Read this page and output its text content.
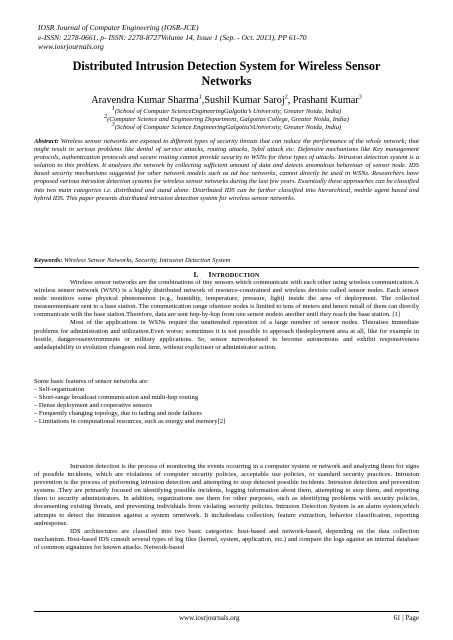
IOSR Journal of Computer Engineering (IOSR-JCE)
e-ISSN: 2278-0661, p- ISSN: 2278-8727Volume 14, Issue 1 (Sep. - Oct. 2013), PP 61-70
www.iosrjournals.org
Distributed Intrusion Detection System for Wireless Sensor Networks
Aravendra Kumar Sharma$^1$,Sushil Kumar Saroj$^2$, Prashant Kumar$^3$
$^1$(School of Computer ScienceEngineeringGalgotia’s University, Greater Noida, India)
$^2$(Computer Science and Engineering Department, Galgotias College, Greater Noida, India)
$^3$(School of Computer Science EngineeringGalgotia’sUniversity, Greater Noida, India)
Abstract: Wireless sensor networks are exposed to different types of security threats that can reduce the performance of the whole network; that might result in serious problems like denial of service attacks, routing attacks, Sybil attack etc. Defensive mechanisms like Key management protocols, authentication protocols and secure routing cannot provide security to WSNs for these types of attacks. Intrusion detection system is a solution to this problem. It analyses the network by collecting sufficient amount of data and detects anomalous behaviour of sensor node. IDS based security mechanisms suggested for other network models such as ad hoc networks, cannot directly be used in WSNs. Researchers have proposed various intrusion detection systems for wireless sensor networks during the last few years. Essentially these approaches can be classified into two main categories i.e. distributed and stand alone. Distributed IDS can be further classified into hierarchical, mobile agent based and hybrid IDS. This paper presents distributed intrusion detection system for wireless sensor networks.
Keywords: Wireless Sensor Networks, Security, Intrusion Detection System
I. INTRODUCTION
Wireless sensor networks are the combinations of tiny sensors which communicate with each other using wireless communication.A wireless sensor network (WSN) is a highly distributed network of resource-constrained and wireless devices called sensor nodes. Each sensor node monitors some physical phenomenon (e.g., humidity, temperature, pressure, light) inside the area of deployment. The collected measurementsare sent to a base station. The communication range ofsensor nodes is limited to tens of meters and hence notall of them can directly communicate with the base station.Therefore, data are sent hop-by-hop from one sensor nodeto another until they reach the base station. [1]
Most of the applications in WSNs require the unattended operation of a large number of sensor nodes. Thisraises immediate problems for administration and utilization.Even worse; sometimes it is not possible to approach thedeployment area at all, like for example in hostile, dangerousenvironments or military applications. So, sensor networksneed to become autonomous and exhibit responsiveness andadaptability to evolution changesin real time, without expliciuser or administrator action.
Some basic features of sensor networks are:
– Self-organization
– Short-range broadcast communication and multi-hop routing
– Dense deployment and cooperative sensors
– Frequently changing topology, due to fading and node failures
– Limitations in computational resources, such as energy and memory[2]
Intrusion detection is the process of monitoring the events occurring in a computer system or network and analyzing them for signs of possible incidents, which are violations of computer security policies, acceptable use policies, or standard security practices. Intrusion prevention is the process of performing intrusion detection and attempting to stop detected possible incidents. Intrusion detection and prevention systems .They are primarily focused on identifying possible incidents, logging information about them, attempting to stop them, and reporting them to security administrators. In addition, organizations use them for other purposes, such as identifying problems with security policies, documenting existing threats, and preventing individuals from violating security policies. Intrusion Detection System is an alarm system,which attempts to detect the intrusion against a system ornetwork. It includesdata collection, feature extraction, behavior classification, reporting andresponse.
IDS architectures are classified into two basic categories: host-based and network-based, depending on the data collection mechanism. Host-based IDS consult several types of log files (kernel, system, application, etc.) and compare the logs against an internal database of common signatures for known attacks. Network-based
www.iosrjournals.org	61 | Page
